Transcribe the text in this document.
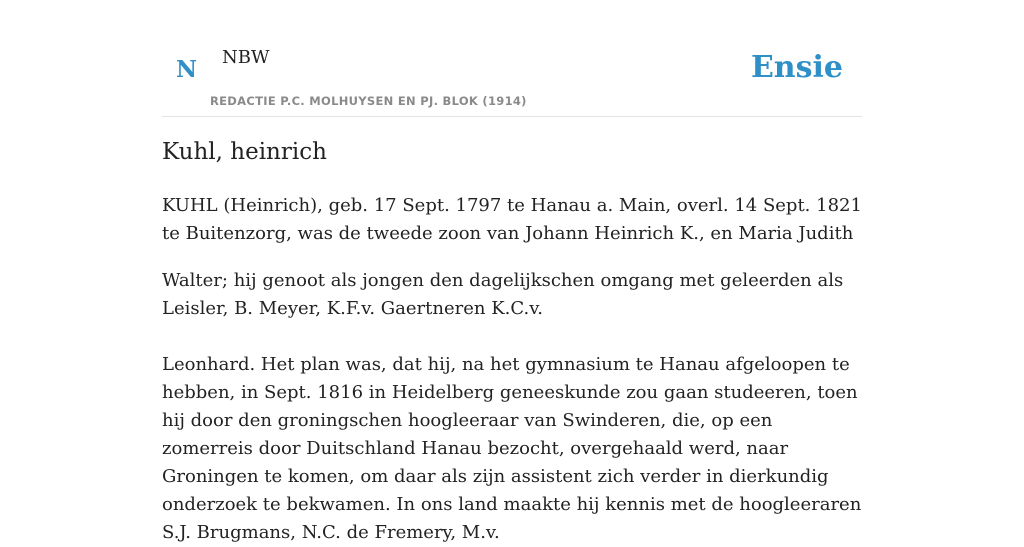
N NBW
REDACTIE P.C. MOLHUYSEN EN PJ. BLOK (1914)
Ensie
Kuhl, heinrich

KUHL (Heinrich), geb. 17 Sept. 1797 te Hanau a. Main, overl. 14 Sept. 1821 te Buitenzorg, was de tweede zoon van Johann Heinrich K., en Maria Judith

Walter; hij genoot als jongen den dagelijkschen omgang met geleerden als Leisler, B. Meyer, K.F.v. Gaertneren K.C.v.

Leonhard. Het plan was, dat hij, na het gymnasium te Hanau afgeloopen te hebben, in Sept. 1816 in Heidelberg geneeskunde zou gaan studeeren, toen hij door den groningschen hoogleeraar van Swinderen, die, op een zomerreis door Duitschland Hanau bezocht, overgehaald werd, naar Groningen te komen, om daar als zijn assistent zich verder in dierkundig onderzoek te bekwamen. In ons land maakte hij kennis met de hoogleeraren S.J. Brugmans, N.C. de Fremery, M.v.
